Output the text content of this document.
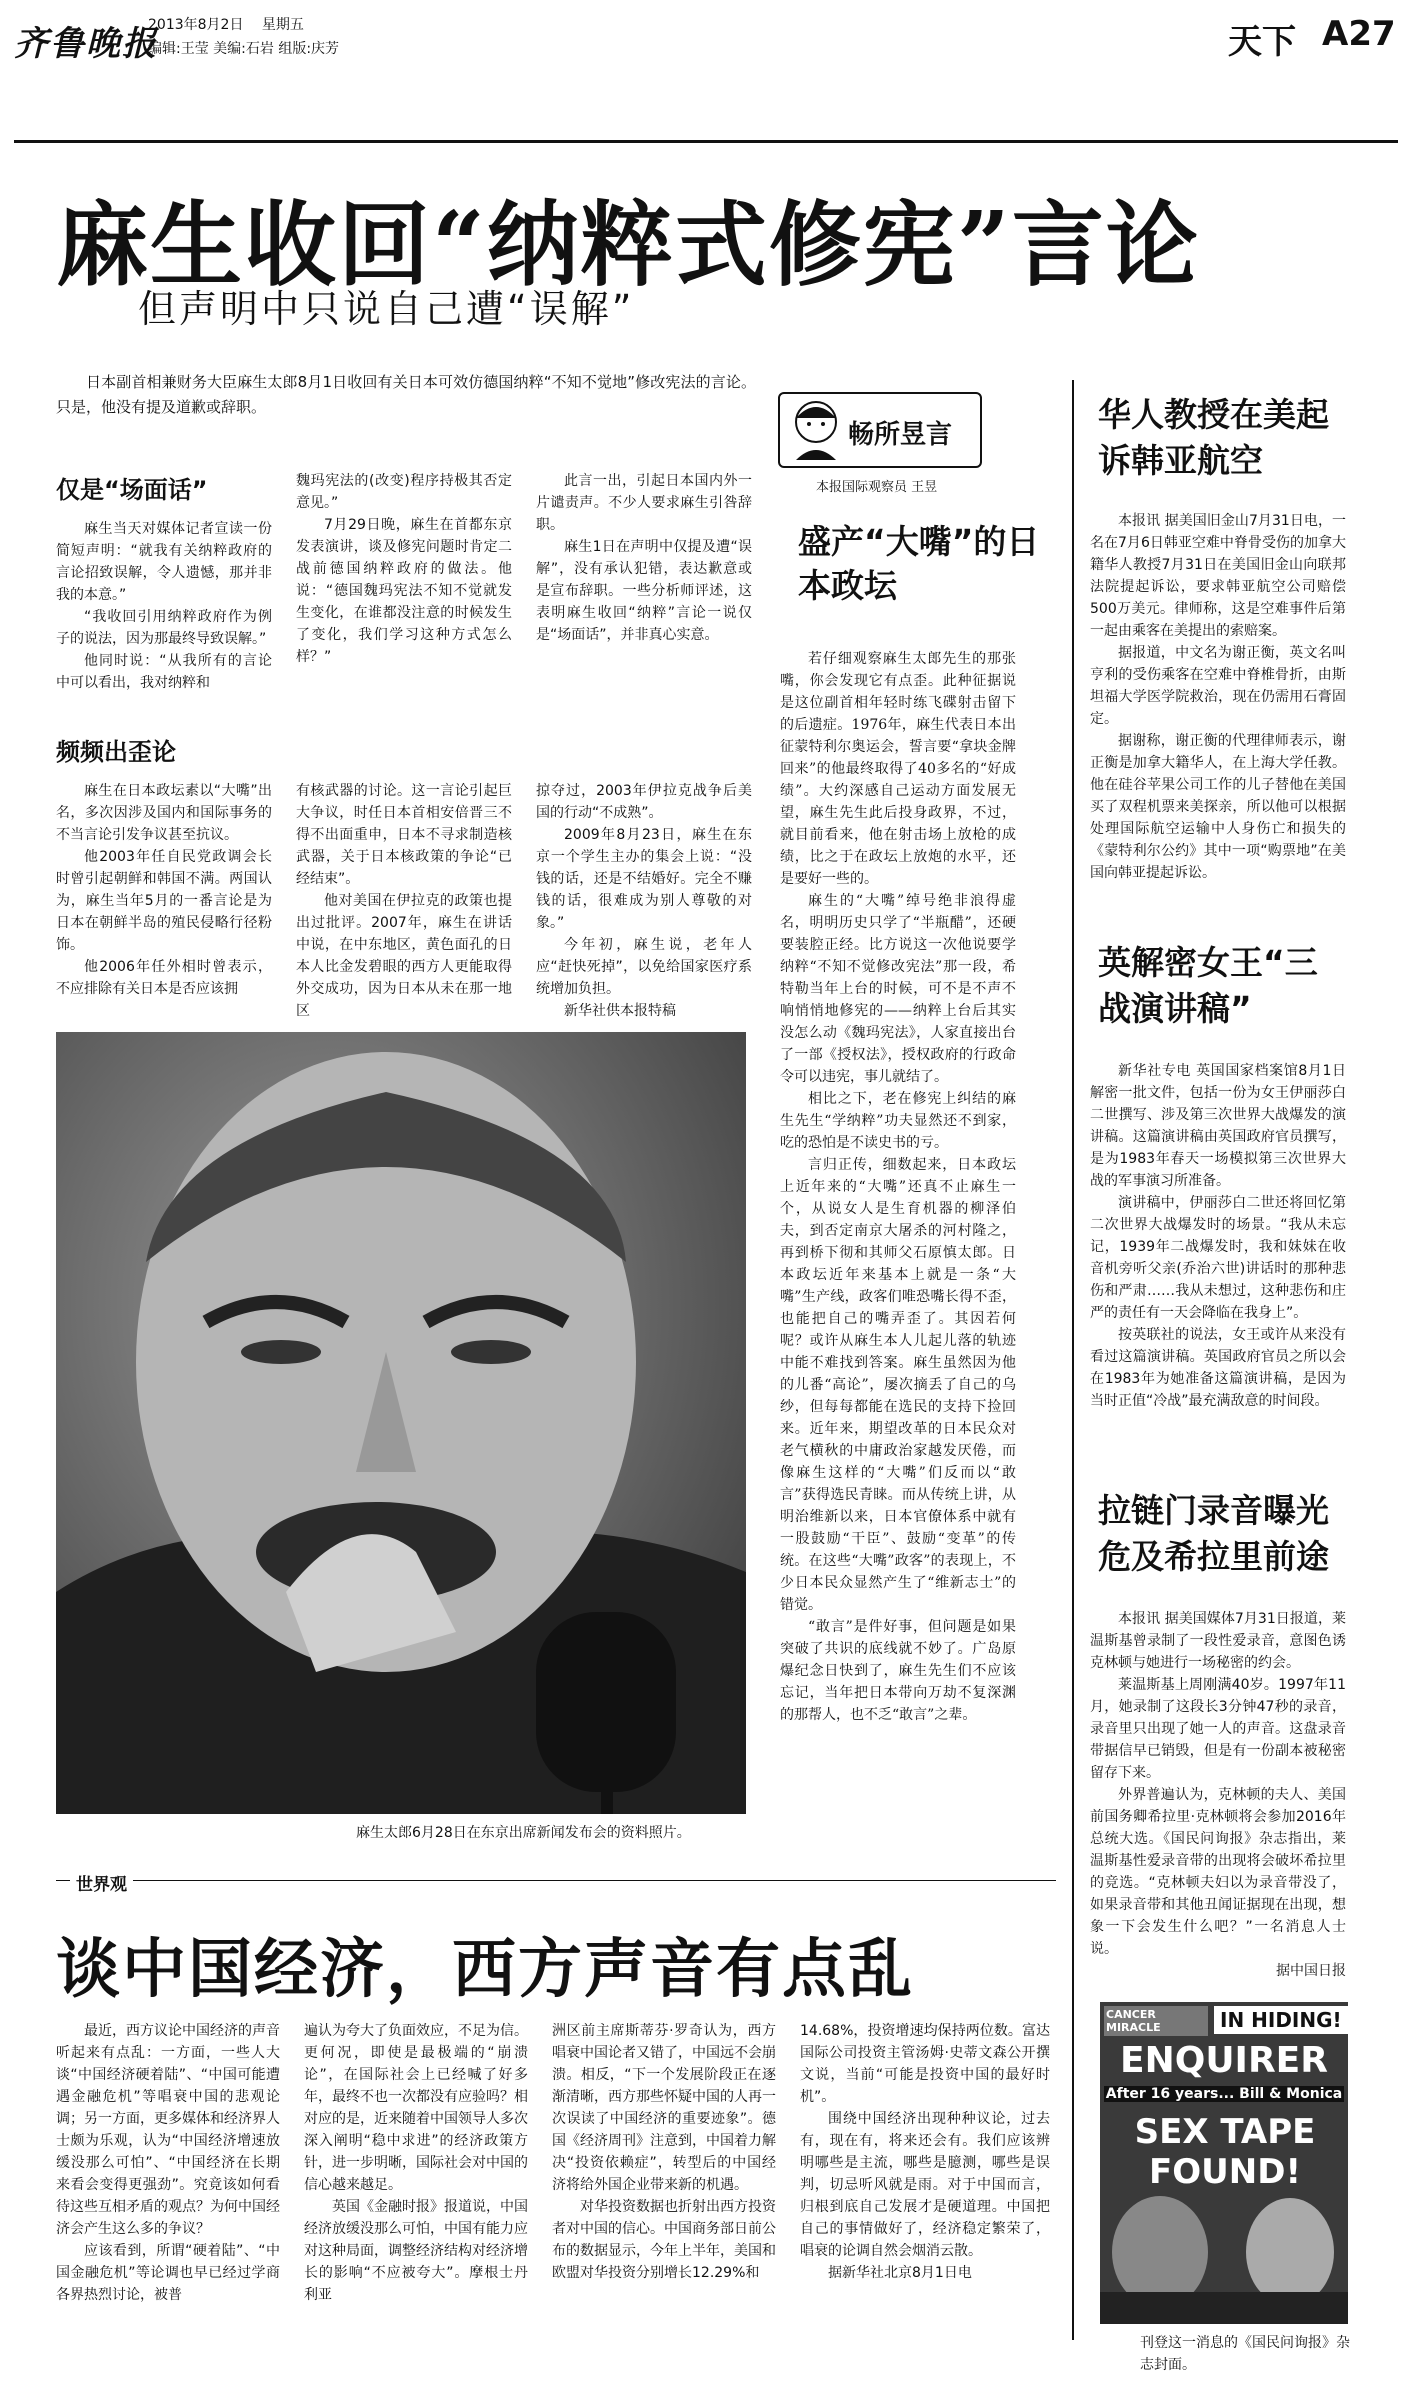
齐鲁晚报
2013年8月2日 星期五
编辑:王莹 美编:石岩 组版:庆芳	天下 A27
麻生收回“纳粹式修宪”言论
但声明中只说自己遭“误解”

日本副首相兼财务大臣麻生太郎8月1日收回有关日本可效仿德国纳粹“不知不觉地”修改宪法的言论。只是，他没有提及道歉或辞职。

仅是“场面话”

麻生当天对媒体记者宣读一份简短声明：“就我有关纳粹政府的言论招致误解，令人遗憾，那并非我的本意。”

“我收回引用纳粹政府作为例子的说法，因为那最终导致误解。”

他同时说：“从我所有的言论中可以看出，我对纳粹和

魏玛宪法的(改变)程序持极其否定意见。”

7月29日晚，麻生在首都东京发表演讲，谈及修宪问题时肯定二战前德国纳粹政府的做法。他说：“德国魏玛宪法不知不觉就发生变化，在谁都没注意的时候发生了变化，我们学习这种方式怎么样？”

此言一出，引起日本国内外一片谴责声。不少人要求麻生引咎辞职。

麻生1日在声明中仅提及遭“误解”，没有承认犯错，表达歉意或是宣布辞职。一些分析师评述，这表明麻生收回“纳粹”言论一说仅是“场面话”，并非真心实意。

频频出歪论

麻生在日本政坛素以“大嘴”出名，多次因涉及国内和国际事务的不当言论引发争议甚至抗议。

他2003年任自民党政调会长时曾引起朝鲜和韩国不满。两国认为，麻生当年5月的一番言论是为日本在朝鲜半岛的殖民侵略行径粉饰。

他2006年任外相时曾表示，不应排除有关日本是否应该拥

有核武器的讨论。这一言论引起巨大争议，时任日本首相安倍晋三不得不出面重申，日本不寻求制造核武器，关于日本核政策的争论“已经结束”。

他对美国在伊拉克的政策也提出过批评。2007年，麻生在讲话中说，在中东地区，黄色面孔的日本人比金发碧眼的西方人更能取得外交成功，因为日本从未在那一地区

掠夺过，2003年伊拉克战争后美国的行动“不成熟”。

2009年8月23日，麻生在东京一个学生主办的集会上说：“没钱的话，还是不结婚好。完全不赚钱的话，很难成为别人尊敬的对象。”

今年初，麻生说，老年人应“赶快死掉”，以免给国家医疗系统增加负担。

新华社供本报特稿

麻生太郎6月28日在东京出席新闻发布会的资料照片。
畅所昱言
本报国际观察员 王昱
盛产“大嘴”的日本政坛

若仔细观察麻生太郎先生的那张嘴，你会发现它有点歪。此种征据说是这位副首相年轻时练飞碟射击留下的后遗症。1976年，麻生代表日本出征蒙特利尔奥运会，誓言要“拿块金牌回来”的他最终取得了40多名的“好成绩”。大约深感自己运动方面发展无望，麻生先生此后投身政界，不过，就目前看来，他在射击场上放枪的成绩，比之于在政坛上放炮的水平，还是要好一些的。

麻生的“大嘴”绰号绝非浪得虚名，明明历史只学了“半瓶醋”，还硬要装腔正经。比方说这一次他说要学纳粹“不知不觉修改宪法”那一段，希特勒当年上台的时候，可不是不声不响悄悄地修宪的——纳粹上台后其实没怎么动《魏玛宪法》，人家直接出台了一部《授权法》，授权政府的行政命令可以违宪，事儿就结了。

相比之下，老在修宪上纠结的麻生先生“学纳粹”功夫显然还不到家，吃的恐怕是不读史书的亏。

言归正传，细数起来，日本政坛上近年来的“大嘴”还真不止麻生一个，从说女人是生育机器的柳泽伯夫，到否定南京大屠杀的河村隆之，再到桥下彻和其师父石原慎太郎。日本政坛近年来基本上就是一条“大嘴”生产线，政客们唯恐嘴长得不歪，也能把自己的嘴弄歪了。其因若何呢？或许从麻生本人儿起儿落的轨迹中能不难找到答案。麻生虽然因为他的儿番“高论”，屡次摘丢了自己的乌纱，但每每都能在选民的支持下捡回来。近年来，期望改革的日本民众对老气横秋的中庸政治家越发厌倦，而像麻生这样的“大嘴”们反而以“敢言”获得选民青睐。而从传统上讲，从明治维新以来，日本官僚体系中就有一股鼓励“干臣”、鼓励“变革”的传统。在这些“大嘴”政客”的表现上，不少日本民众显然产生了“维新志士”的错觉。

“敢言”是件好事，但问题是如果突破了共识的底线就不妙了。广岛原爆纪念日快到了，麻生先生们不应该忘记，当年把日本带向万劫不复深渊的那帮人，也不乏“敢言”之辈。

华人教授在美起诉韩亚航空

本报讯 据美国旧金山7月31日电，一名在7月6日韩亚空难中脊骨受伤的加拿大籍华人教授7月31日在美国旧金山向联邦法院提起诉讼，要求韩亚航空公司赔偿500万美元。律师称，这是空难事件后第一起由乘客在美提出的索赔案。

据报道，中文名为谢正衡，英文名叫亨利的受伤乘客在空难中脊椎骨折，由斯坦福大学医学院救治，现在仍需用石膏固定。

据谢称，谢正衡的代理律师表示，谢正衡是加拿大籍华人，在上海大学任教。他在硅谷苹果公司工作的儿子替他在美国买了双程机票来美探亲，所以他可以根据处理国际航空运输中人身伤亡和损失的《蒙特利尔公约》其中一项“购票地”在美国向韩亚提起诉讼。

英解密女王“三战演讲稿”

新华社专电 英国国家档案馆8月1日解密一批文件，包括一份为女王伊丽莎白二世撰写、涉及第三次世界大战爆发的演讲稿。这篇演讲稿由英国政府官员撰写，是为1983年春天一场模拟第三次世界大战的军事演习所准备。

演讲稿中，伊丽莎白二世还将回忆第二次世界大战爆发时的场景。“我从未忘记，1939年二战爆发时，我和妹妹在收音机旁听父亲(乔治六世)讲话时的那种悲伤和严肃……我从未想过，这种悲伤和庄严的责任有一天会降临在我身上”。

按英联社的说法，女王或许从来没有看过这篇演讲稿。英国政府官员之所以会在1983年为她准备这篇演讲稿，是因为当时正值“冷战”最充满敌意的时间段。

拉链门录音曝光危及希拉里前途

本报讯 据美国媒体7月31日报道，莱温斯基曾录制了一段性爱录音，意图色诱克林顿与她进行一场秘密的约会。

莱温斯基上周刚满40岁。1997年11月，她录制了这段长3分钟47秒的录音，录音里只出现了她一人的声音。这盘录音带据信早已销毁，但是有一份副本被秘密留存下来。

外界普遍认为，克林顿的夫人、美国前国务卿希拉里·克林顿将会参加2016年总统大选。《国民问询报》杂志指出，莱温斯基性爱录音带的出现将会破坏希拉里的竞选。“克林顿夫妇以为录音带没了，如果录音带和其他丑闻证据现在出现，想象一下会发生什么吧？”一名消息人士说。

据中国日报

CANCER MIRACLE	IN HIDING!
ENQUIRER
After 16 years... Bill & Monica
SEX TAPE FOUND!
刊登这一消息的《国民问询报》杂志封面。
世界观
谈中国经济，西方声音有点乱

最近，西方议论中国经济的声音听起来有点乱：一方面，一些人大谈“中国经济硬着陆”、“中国可能遭遇金融危机”等唱衰中国的悲观论调；另一方面，更多媒体和经济界人士颇为乐观，认为“中国经济增速放缓没那么可怕”、“中国经济在长期来看会变得更强劲”。究竟该如何看待这些互相矛盾的观点？为何中国经济会产生这么多的争议？

应该看到，所谓“硬着陆”、“中国金融危机”等论调也早已经过学商各界热烈讨论，被普

遍认为夸大了负面效应，不足为信。更何况，即使是最极端的“崩溃论”，在国际社会上已经喊了好多年，最终不也一次都没有应验吗？相对应的是，近来随着中国领导人多次深入阐明“稳中求进”的经济政策方针，进一步明晰，国际社会对中国的信心越来越足。

英国《金融时报》报道说，中国经济放缓没那么可怕，中国有能力应对这种局面，调整经济结构对经济增长的影响“不应被夸大”。摩根士丹利亚

洲区前主席斯蒂芬·罗奇认为，西方唱衰中国论者又错了，中国远不会崩溃。相反，“下一个发展阶段正在逐渐清晰，西方那些怀疑中国的人再一次误读了中国经济的重要迹象”。德国《经济周刊》注意到，中国着力解决“投资依赖症”，转型后的中国经济将给外国企业带来新的机遇。

对华投资数据也折射出西方投资者对中国的信心。中国商务部日前公布的数据显示，今年上半年，美国和欧盟对华投资分别增长12.29%和

14.68%，投资增速均保持两位数。富达国际公司投资主管汤姆·史蒂文森公开撰文说，当前“可能是投资中国的最好时机”。

围绕中国经济出现种种议论，过去有，现在有，将来还会有。我们应该辨明哪些是主流，哪些是臆测，哪些是误判，切忌听风就是雨。对于中国而言，归根到底自己发展才是硬道理。中国把自己的事情做好了，经济稳定繁荣了，唱衰的论调自然会烟消云散。

据新华社北京8月1日电
